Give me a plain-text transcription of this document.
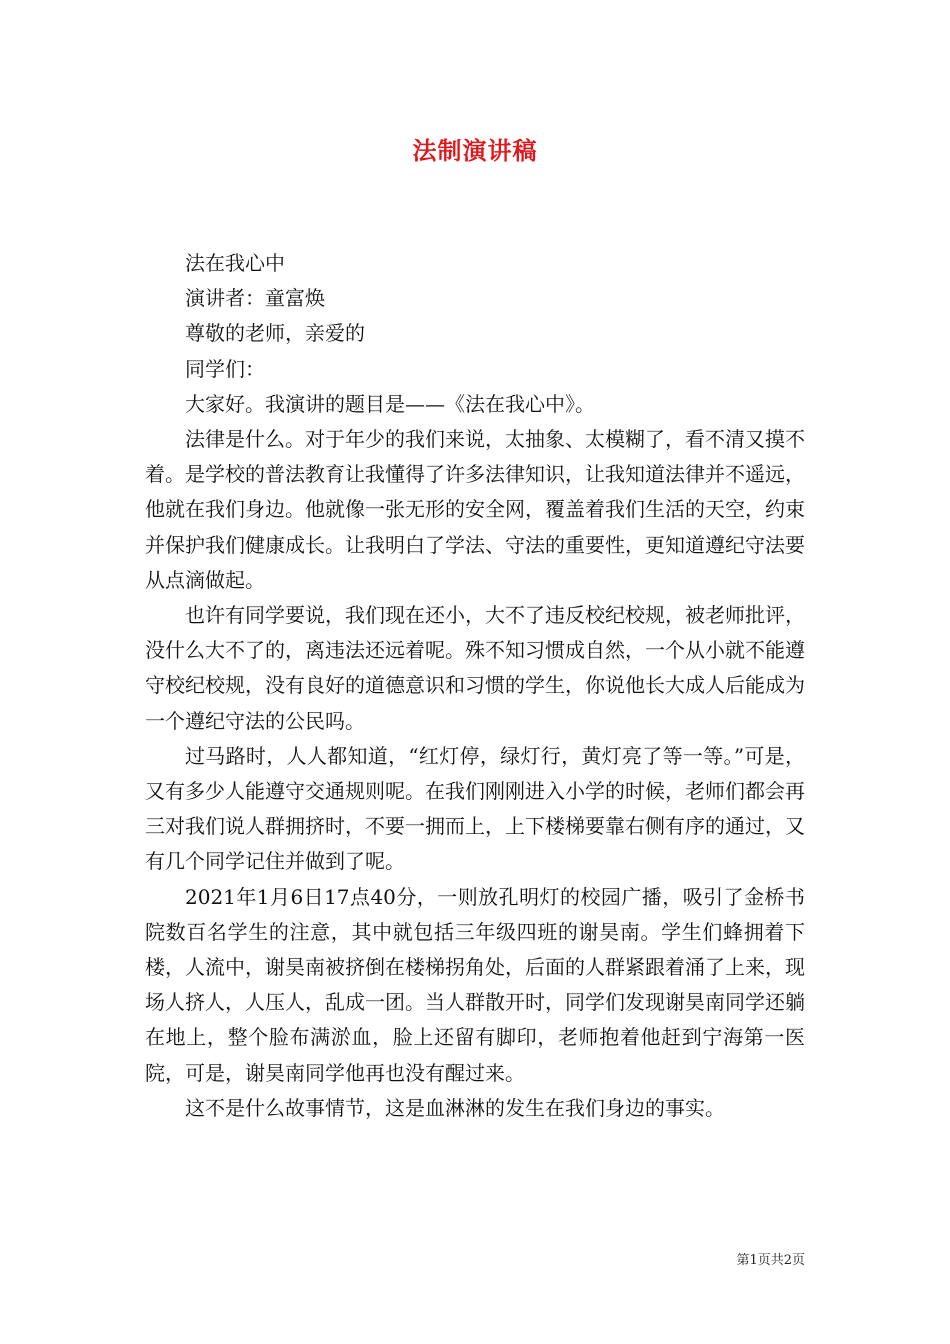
法制演讲稿

法在我心中

演讲者：童富焕

尊敬的老师，亲爱的

同学们：

大家好。我演讲的题目是——《法在我心中》。

法律是什么。对于年少的我们来说，太抽象、太模糊了，看不清又摸不着。是学校的普法教育让我懂得了许多法律知识，让我知道法律并不遥远，他就在我们身边。他就像一张无形的安全网，覆盖着我们生活的天空，约束并保护我们健康成长。让我明白了学法、守法的重要性，更知道遵纪守法要从点滴做起。

也许有同学要说，我们现在还小，大不了违反校纪校规，被老师批评，没什么大不了的，离违法还远着呢。殊不知习惯成自然，一个从小就不能遵守校纪校规，没有良好的道德意识和习惯的学生，你说他长大成人后能成为一个遵纪守法的公民吗。

过马路时，人人都知道，“红灯停，绿灯行，黄灯亮了等一等。”可是，又有多少人能遵守交通规则呢。在我们刚刚进入小学的时候，老师们都会再三对我们说人群拥挤时，不要一拥而上，上下楼梯要靠右侧有序的通过，又有几个同学记住并做到了呢。

2021年1月6日17点40分，一则放孔明灯的校园广播，吸引了金桥书院数百名学生的注意，其中就包括三年级四班的谢昊南。学生们蜂拥着下楼，人流中，谢昊南被挤倒在楼梯拐角处，后面的人群紧跟着涌了上来，现场人挤人，人压人，乱成一团。当人群散开时，同学们发现谢昊南同学还躺在地上，整个脸布满淤血，脸上还留有脚印，老师抱着他赶到宁海第一医院，可是，谢昊南同学他再也没有醒过来。

这不是什么故事情节，这是血淋淋的发生在我们身边的事实。

第1页共2页
